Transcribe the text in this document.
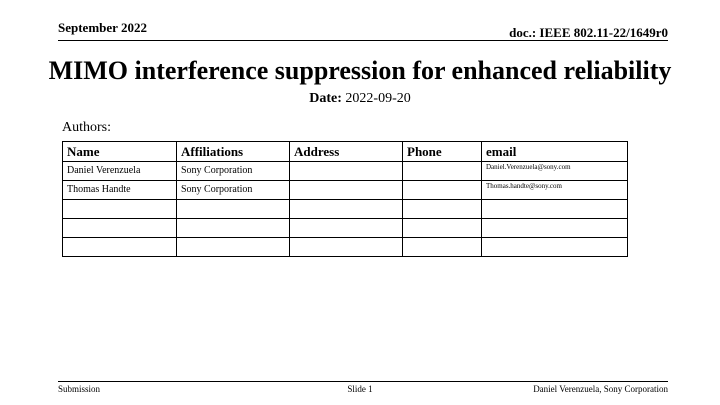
September 2022	doc.: IEEE 802.11-22/1649r0
MIMO interference suppression for enhanced reliability
Date: 2022-09-20
Authors:
Name	Affiliations	Address	Phone	email
Daniel Verenzuela	Sony Corporation			Daniel.Verenzuela@sony.com
Thomas Handte	Sony Corporation			Thomas.handte@sony.com

Submission	Slide 1	Daniel Verenzuela, Sony Corporation
